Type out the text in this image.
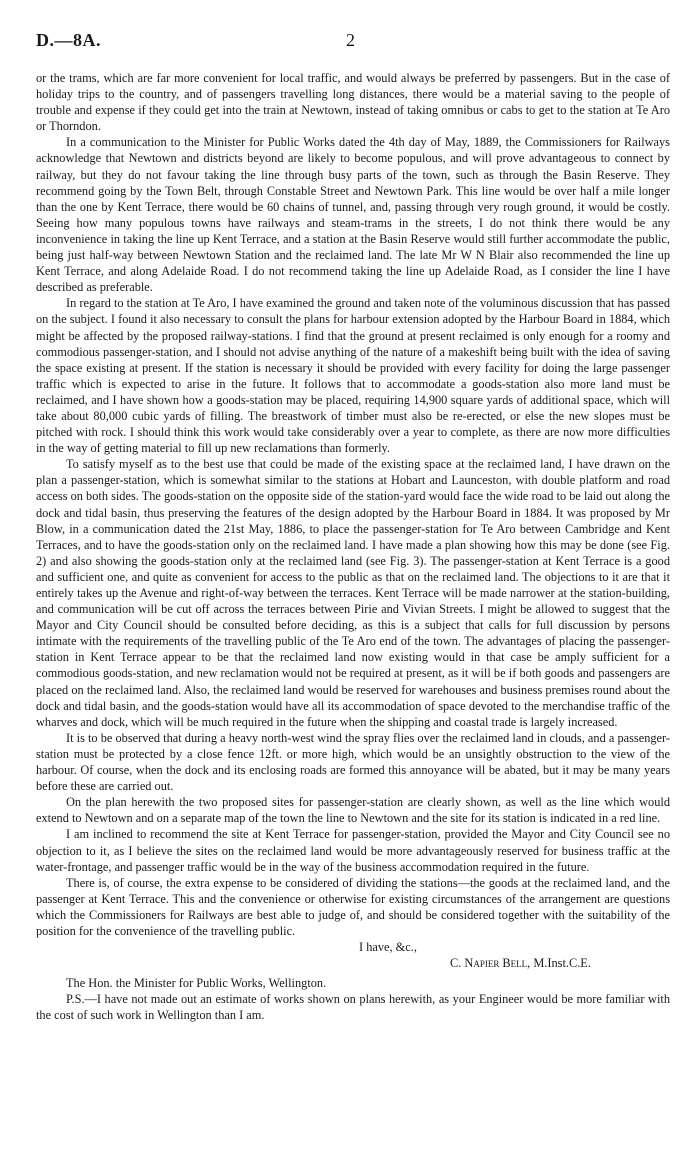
D.—8A.	2

or the trams, which are far more convenient for local traffic, and would always be preferred by passengers. But in the case of holiday trips to the country, and of passengers travelling long distances, there would be a material saving to the people of trouble and expense if they could get into the train at Newtown, instead of taking omnibus or cabs to get to the station at Te Aro or Thorndon.

In a communication to the Minister for Public Works dated the 4th day of May, 1889, the Commissioners for Railways acknowledge that Newtown and districts beyond are likely to become populous, and will prove advantageous to connect by railway, but they do not favour taking the line through busy parts of the town, such as through the Basin Reserve. They recommend going by the Town Belt, through Constable Street and Newtown Park. This line would be over half a mile longer than the one by Kent Terrace, there would be 60 chains of tunnel, and, passing through very rough ground, it would be costly. Seeing how many populous towns have railways and steam-trams in the streets, I do not think there would be any inconvenience in taking the line up Kent Terrace, and a station at the Basin Reserve would still further accommodate the public, being just half-way between Newtown Station and the reclaimed land. The late Mr W N Blair also recommended the line up Kent Terrace, and along Adelaide Road. I do not recommend taking the line up Adelaide Road, as I consider the line I have described as preferable.

In regard to the station at Te Aro, I have examined the ground and taken note of the voluminous discussion that has passed on the subject. I found it also necessary to consult the plans for harbour extension adopted by the Harbour Board in 1884, which might be affected by the proposed railway-stations. I find that the ground at present reclaimed is only enough for a roomy and commodious passenger-station, and I should not advise anything of the nature of a makeshift being built with the idea of saving the space existing at present. If the station is necessary it should be provided with every facility for doing the large passenger traffic which is expected to arise in the future. It follows that to accommodate a goods-station also more land must be reclaimed, and I have shown how a goods-station may be placed, requiring 14,900 square yards of additional space, which will take about 80,000 cubic yards of filling. The breastwork of timber must also be re-erected, or else the new slopes must be pitched with rock. I should think this work would take considerably over a year to complete, as there are now more difficulties in the way of getting material to fill up new reclamations than formerly.

To satisfy myself as to the best use that could be made of the existing space at the reclaimed land, I have drawn on the plan a passenger-station, which is somewhat similar to the stations at Hobart and Launceston, with double platform and road access on both sides. The goods-station on the opposite side of the station-yard would face the wide road to be laid out along the dock and tidal basin, thus preserving the features of the design adopted by the Harbour Board in 1884. It was proposed by Mr Blow, in a communication dated the 21st May, 1886, to place the passenger-station for Te Aro between Cambridge and Kent Terraces, and to have the goods-station only on the reclaimed land. I have made a plan showing how this may be done (see Fig. 2) and also showing the goods-station only at the reclaimed land (see Fig. 3). The passenger-station at Kent Terrace is a good and sufficient one, and quite as convenient for access to the public as that on the reclaimed land. The objections to it are that it entirely takes up the Avenue and right-of-way between the terraces. Kent Terrace will be made narrower at the station-building, and communication will be cut off across the terraces between Pirie and Vivian Streets. I might be allowed to suggest that the Mayor and City Council should be consulted before deciding, as this is a subject that calls for full discussion by persons intimate with the requirements of the travelling public of the Te Aro end of the town. The advantages of placing the passenger-station in Kent Terrace appear to be that the reclaimed land now existing would in that case be amply sufficient for a commodious goods-station, and new reclamation would not be required at present, as it will be if both goods and passengers are placed on the reclaimed land. Also, the reclaimed land would be reserved for warehouses and business premises round about the dock and tidal basin, and the goods-station would have all its accommodation of space devoted to the merchandise traffic of the wharves and dock, which will be much required in the future when the shipping and coastal trade is largely increased.

It is to be observed that during a heavy north-west wind the spray flies over the reclaimed land in clouds, and a passenger-station must be protected by a close fence 12ft. or more high, which would be an unsightly obstruction to the view of the harbour. Of course, when the dock and its enclosing roads are formed this annoyance will be abated, but it may be many years before these are carried out.

On the plan herewith the two proposed sites for passenger-station are clearly shown, as well as the line which would extend to Newtown and on a separate map of the town the line to Newtown and the site for its station is indicated in a red line.

I am inclined to recommend the site at Kent Terrace for passenger-station, provided the Mayor and City Council see no objection to it, as I believe the sites on the reclaimed land would be more advantageously reserved for business traffic at the water-frontage, and passenger traffic would be in the way of the business accommodation required in the future.

There is, of course, the extra expense to be considered of dividing the stations—the goods at the reclaimed land, and the passenger at Kent Terrace. This and the convenience or otherwise for existing circumstances of the arrangement are questions which the Commissioners for Railways are best able to judge of, and should be considered together with the suitability of the position for the convenience of the travelling public.

I have, &c.,
C. Napier Bell, M.Inst.C.E.

The Hon. the Minister for Public Works, Wellington.

P.S.—I have not made out an estimate of works shown on plans herewith, as your Engineer would be more familiar with the cost of such work in Wellington than I am.
